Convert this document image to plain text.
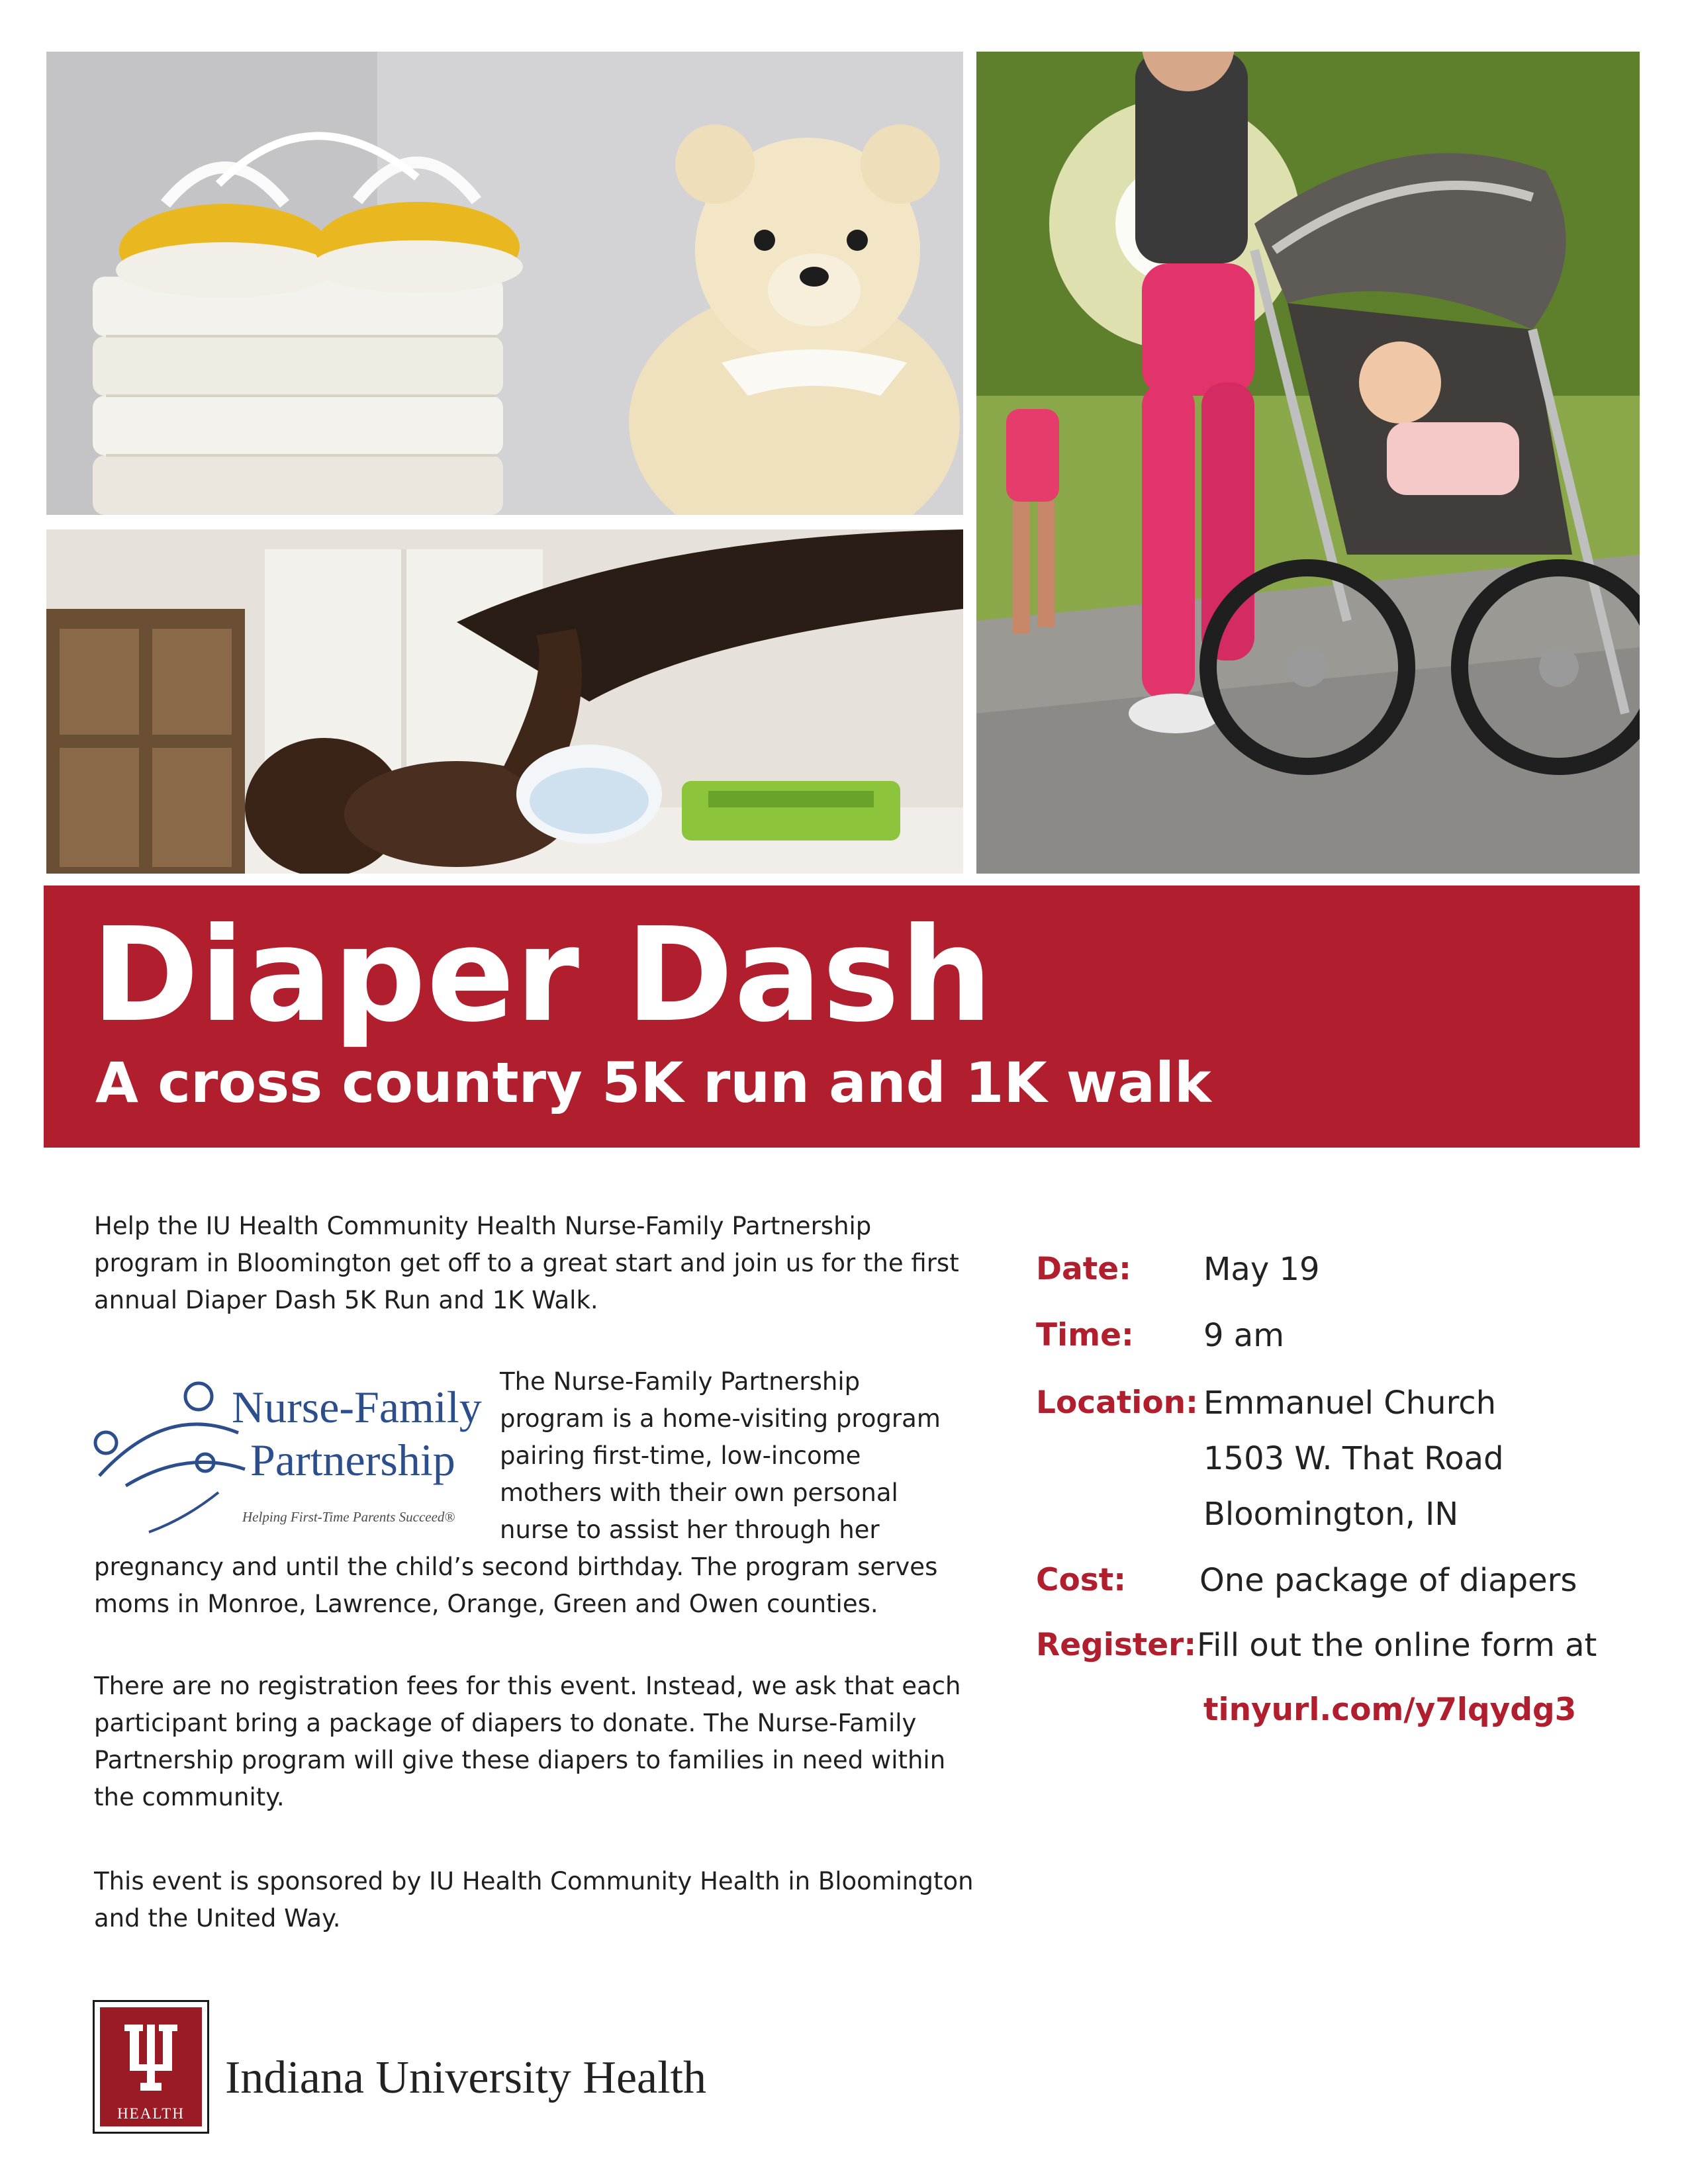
Diaper Dash
A cross country 5K run and 1K walk

Help the IU Health Community Health Nurse-Family Partnership
program in Bloomington get off to a great start and join us for the first
annual Diaper Dash 5K Run and 1K Walk.

Nurse-Family
Partnership
Helping First-Time Parents Succeed®

The Nurse-Family Partnership
program is a home-visiting program
pairing first-time, low-income
mothers with their own personal
nurse to assist her through her

pregnancy and until the child’s second birthday. The program serves
moms in Monroe, Lawrence, Orange, Green and Owen counties.

There are no registration fees for this event. Instead, we ask that each
participant bring a package of diapers to donate. The Nurse-Family
Partnership program will give these diapers to families in need within
the community.

This event is sponsored by IU Health Community Health in Bloomington
and the United Way.

Date: May 19
Time: 9 am
Location: Emmanuel Church
1503 W. That Road
Bloomington, IN
Cost: One package of diapers
Register: Fill out the online form at
tinyurl.com/y7lqydg3
HEALTH

Indiana University Health
